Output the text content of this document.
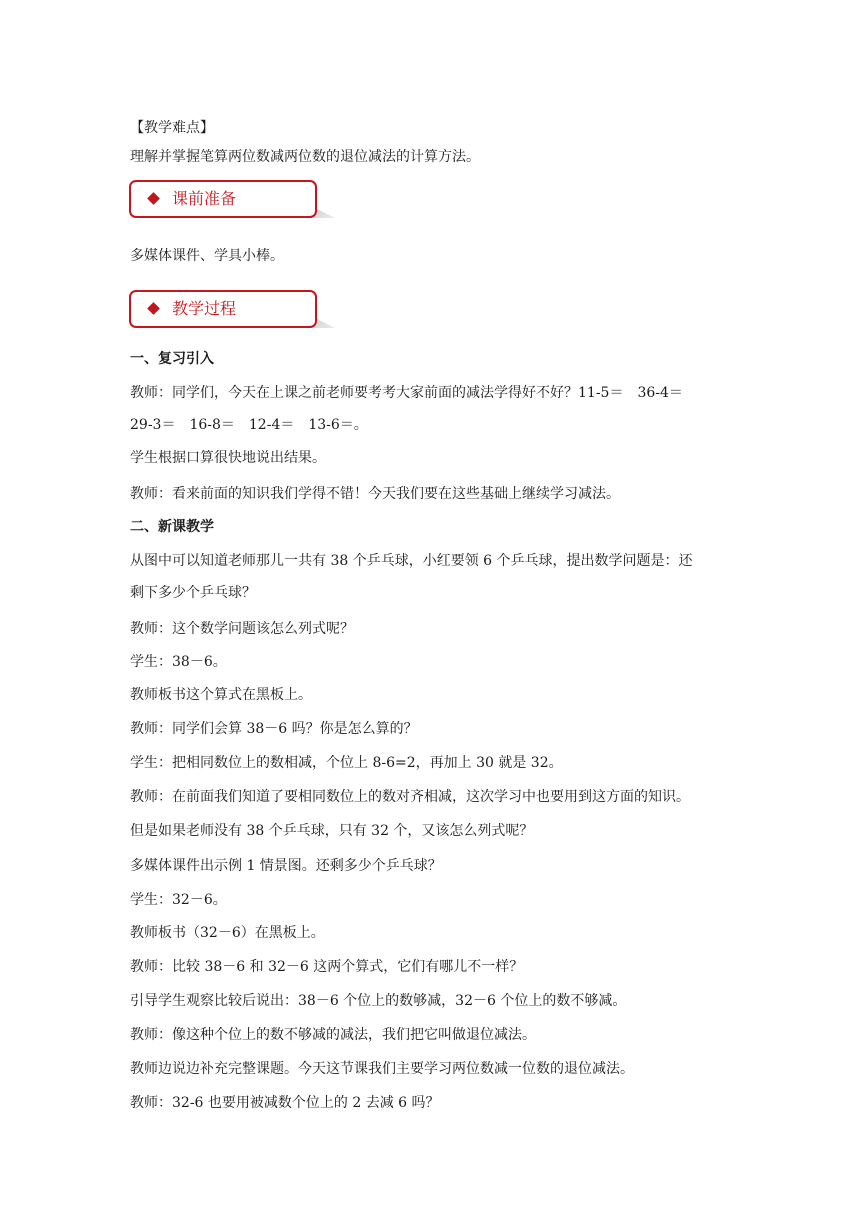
【教学难点】

理解并掌握笔算两位数减两位数的退位减法的计算方法。

课前准备

多媒体课件、学具小棒。

教学过程

一、复习引入

教师：同学们，今天在上课之前老师要考考大家前面的减法学得好不好？11-5＝　36-4＝

29-3＝　16-8＝　12-4＝　13-6＝。

学生根据口算很快地说出结果。

教师：看来前面的知识我们学得不错！今天我们要在这些基础上继续学习减法。

二、新课教学

从图中可以知道老师那儿一共有 38 个乒乓球，小红要领 6 个乒乓球，提出数学问题是：还

剩下多少个乒乓球？

教师：这个数学问题该怎么列式呢？

学生：38－6。

教师板书这个算式在黑板上。

教师：同学们会算 38－6 吗？你是怎么算的？

学生：把相同数位上的数相减，个位上 8-6=2，再加上 30 就是 32。

教师：在前面我们知道了要相同数位上的数对齐相减，这次学习中也要用到这方面的知识。

但是如果老师没有 38 个乒乓球，只有 32 个，又该怎么列式呢？

多媒体课件出示例 1 情景图。还剩多少个乒乓球？

学生：32－6。

教师板书（32－6）在黑板上。

教师：比较 38－6 和 32－6 这两个算式，它们有哪儿不一样？

引导学生观察比较后说出：38－6 个位上的数够减，32－6 个位上的数不够减。

教师：像这种个位上的数不够减的减法，我们把它叫做退位减法。

教师边说边补充完整课题。今天这节课我们主要学习两位数减一位数的退位减法。

教师：32-6 也要用被减数个位上的 2 去减 6 吗？
